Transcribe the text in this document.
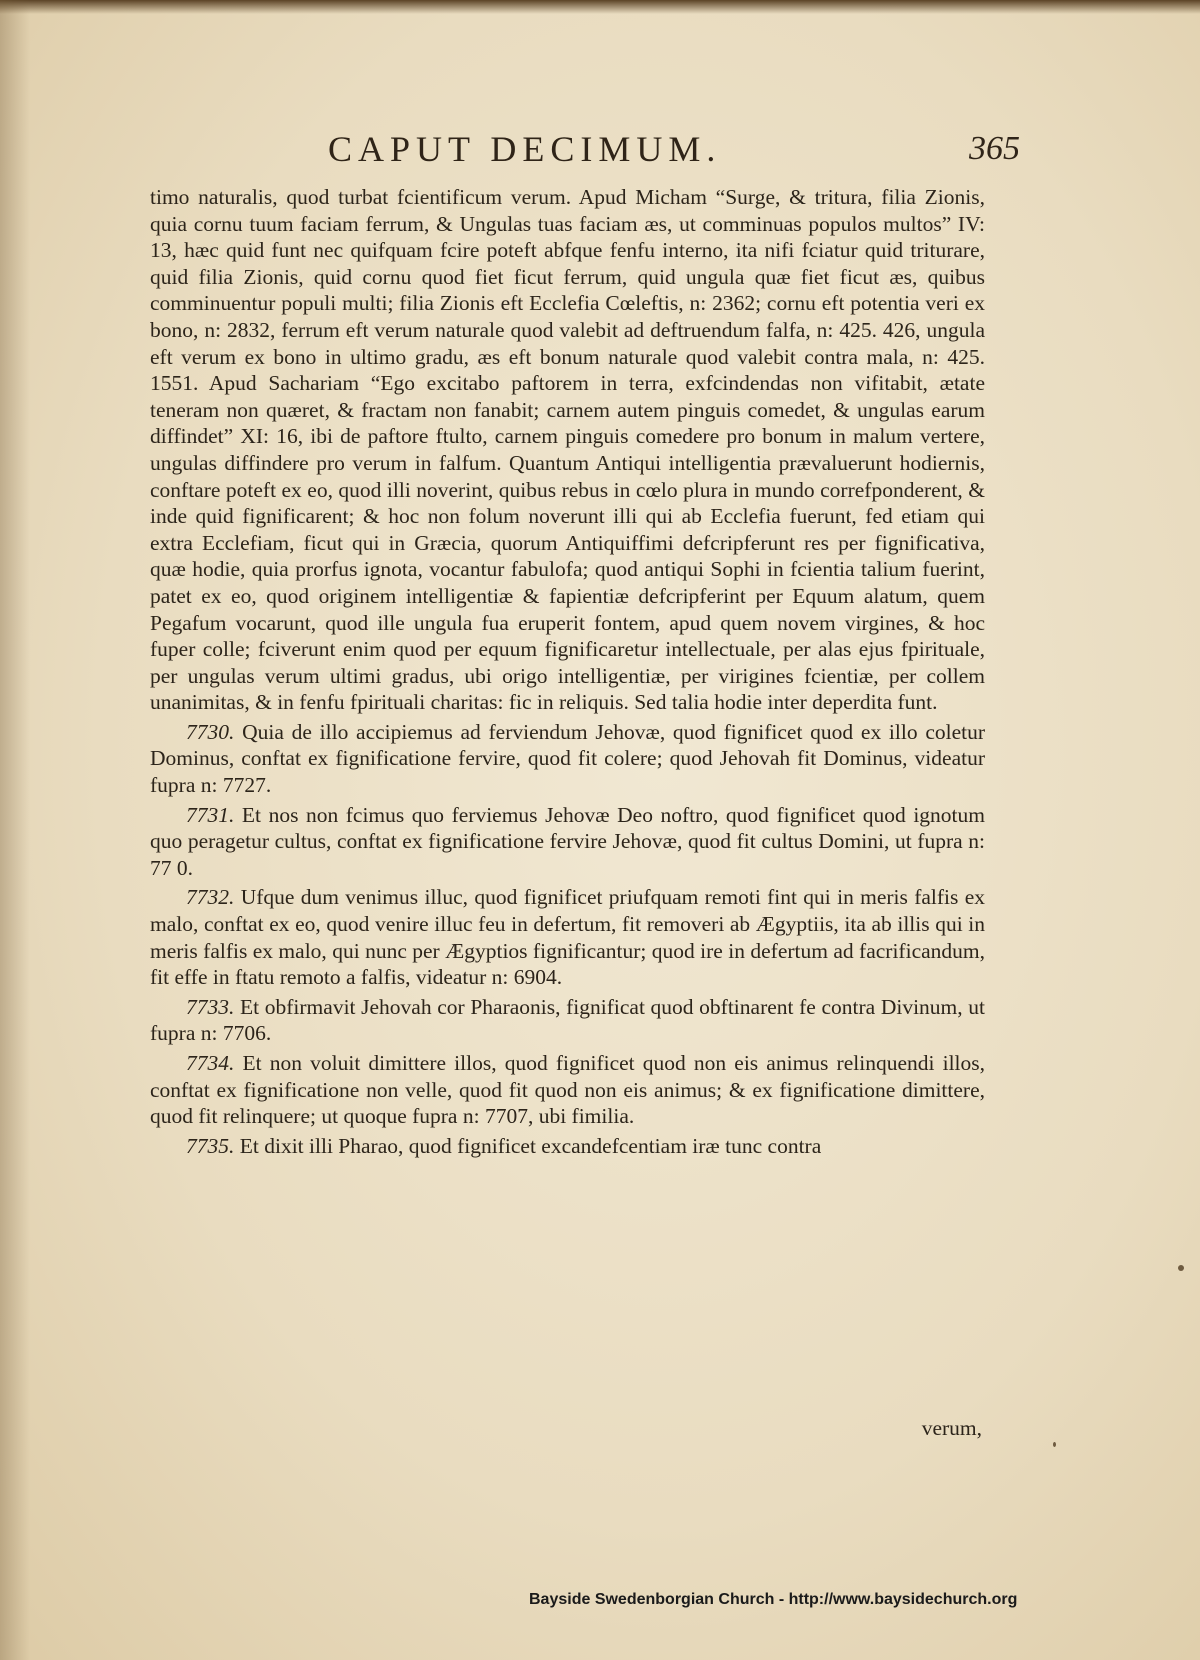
CAPUT DECIMUM.	365

timo naturalis, quod turbat fcientificum verum. Apud Micham “Surge, & tritura, filia Zionis, quia cornu tuum faciam ferrum, & Ungulas tuas faciam æs, ut comminuas populos multos” IV: 13, hæc quid funt nec quifquam fcire poteft abfque fenfu interno, ita nifi fciatur quid triturare, quid filia Zionis, quid cornu quod fiet ficut ferrum, quid ungula quæ fiet ficut æs, quibus comminuentur populi multi; filia Zionis eft Ecclefia Cœleftis, n: 2362; cornu eft potentia veri ex bono, n: 2832, ferrum eft verum naturale quod valebit ad deftruendum falfa, n: 425. 426, ungula eft verum ex bono in ultimo gradu, æs eft bonum naturale quod valebit contra mala, n: 425. 1551. Apud Sachariam “Ego excitabo paftorem in terra, exfcindendas non vifitabit, ætate teneram non quæret, & fractam non fanabit; carnem autem pinguis comedet, & ungulas earum diffindet” XI: 16, ibi de paftore ftulto, carnem pinguis comedere pro bonum in malum vertere, ungulas diffindere pro verum in falfum. Quantum Antiqui intelligentia prævaluerunt hodiernis, conftare poteft ex eo, quod illi noverint, quibus rebus in cœlo plura in mundo correfponderent, & inde quid fignificarent; & hoc non folum noverunt illi qui ab Ecclefia fuerunt, fed etiam qui extra Ecclefiam, ficut qui in Græcia, quorum Antiquiffimi defcripferunt res per fignificativa, quæ hodie, quia prorfus ignota, vocantur fabulofa; quod antiqui Sophi in fcientia talium fuerint, patet ex eo, quod originem intelligentiæ & fapientiæ defcripferint per Equum alatum, quem Pegafum vocarunt, quod ille ungula fua eruperit fontem, apud quem novem virgines, & hoc fuper colle; fciverunt enim quod per equum fignificaretur intellectuale, per alas ejus fpirituale, per ungulas verum ultimi gradus, ubi origo intelligentiæ, per virigines fcientiæ, per collem unanimitas, & in fenfu fpirituali charitas: fic in reliquis. Sed talia hodie inter deperdita funt.

7730. Quia de illo accipiemus ad ferviendum Jehovæ, quod fignificet quod ex illo coletur Dominus, conftat ex fignificatione fervire, quod fit colere; quod Jehovah fit Dominus, videatur fupra n: 7727.

7731. Et nos non fcimus quo ferviemus Jehovæ Deo noftro, quod fignificet quod ignotum quo peragetur cultus, conftat ex fignificatione fervire Jehovæ, quod fit cultus Domini, ut fupra n: 77 0.

7732. Ufque dum venimus illuc, quod fignificet priufquam remoti fint qui in meris falfis ex malo, conftat ex eo, quod venire illuc feu in defertum, fit removeri ab Ægyptiis, ita ab illis qui in meris falfis ex malo, qui nunc per Ægyptios fignificantur; quod ire in defertum ad facrificandum, fit effe in ftatu remoto a falfis, videatur n: 6904.

7733. Et obfirmavit Jehovah cor Pharaonis, fignificat quod obftinarent fe contra Divinum, ut fupra n: 7706.

7734. Et non voluit dimittere illos, quod fignificet quod non eis animus relinquendi illos, conftat ex fignificatione non velle, quod fit quod non eis animus; & ex fignificatione dimittere, quod fit relinquere; ut quoque fupra n: 7707, ubi fimilia.

7735. Et dixit illi Pharao, quod fignificet excandefcentiam iræ tunc contra

verum,
Bayside Swedenborgian Church - http://www.baysidechurch.org
